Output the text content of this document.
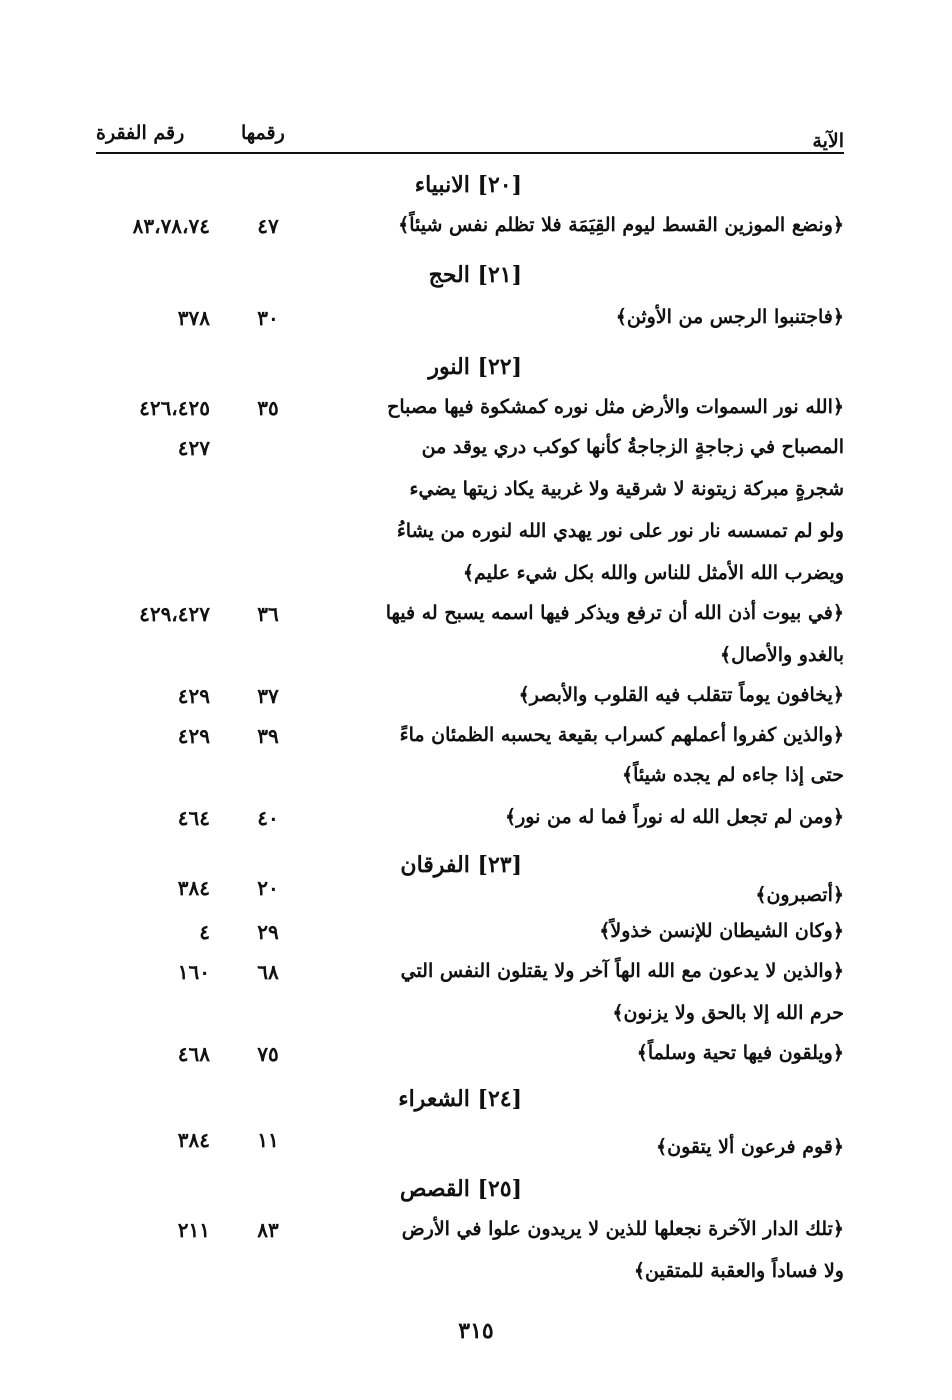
الآية
رقمها
رقم الفقرة
[٢٠] الانبياء
﴿ونضع الموزين القسط ليوم القِيَمَة فلا تظلم نفس شيئاً﴾
٤٧
٨٣،٧٨،٧٤
[٢١] الحج
﴿فاجتنبوا الرجس من الأوثن﴾
٣٠
٣٧٨
[٢٢] النور
﴿الله نور السموات والأرض مثل نوره كمشكوة فيها مصباح
٣٥
٤٢٦،٤٢٥
المصباح في زجاجةٍ الزجاجةُ كأنها كوكب دري يوقد من
٤٢٧
شجرةٍ مبركة زيتونة لا شرقية ولا غربية يكاد زيتها يضيء
ولو لم تمسسه نار نور على نور يهدي الله لنوره من يشاءُ
ويضرب الله الأمثل للناس والله بكل شيء عليم﴾
﴿في بيوت أذن الله أن ترفع ويذكر فيها اسمه يسبح له فيها
٣٦
٤٢٩،٤٢٧
بالغدو والأصال﴾
﴿يخافون يوماً تتقلب فيه القلوب والأبصر﴾
٣٧
٤٢٩
﴿والذين كفروا أعملهم كسراب بقيعة يحسبه الظمئان ماءً
٣٩
٤٢٩
حتى إذا جاءه لم يجده شيئاً﴾
﴿ومن لم تجعل الله له نوراً فما له من نور﴾
٤٠
٤٦٤
[٢٣] الفرقان
٢٠
٣٨٤	﴿أتصبرون﴾
﴿وكان الشيطان للإنسن خذولاً﴾
٢٩
٤
﴿والذين لا يدعون مع الله الهاً آخر ولا يقتلون النفس التي
٦٨
١٦٠
حرم الله إلا بالحق ولا يزنون﴾
﴿ويلقون فيها تحية وسلماً﴾
٧٥
٤٦٨
[٢٤] الشعراء
١١
٣٨٤	﴿قوم فرعون ألا يتقون﴾
[٢٥] القصص
﴿تلك الدار الآخرة نجعلها للذين لا يريدون علوا في الأرض
٨٣
٢١١
ولا فساداً والعقبة للمتقين﴾
٣١٥
